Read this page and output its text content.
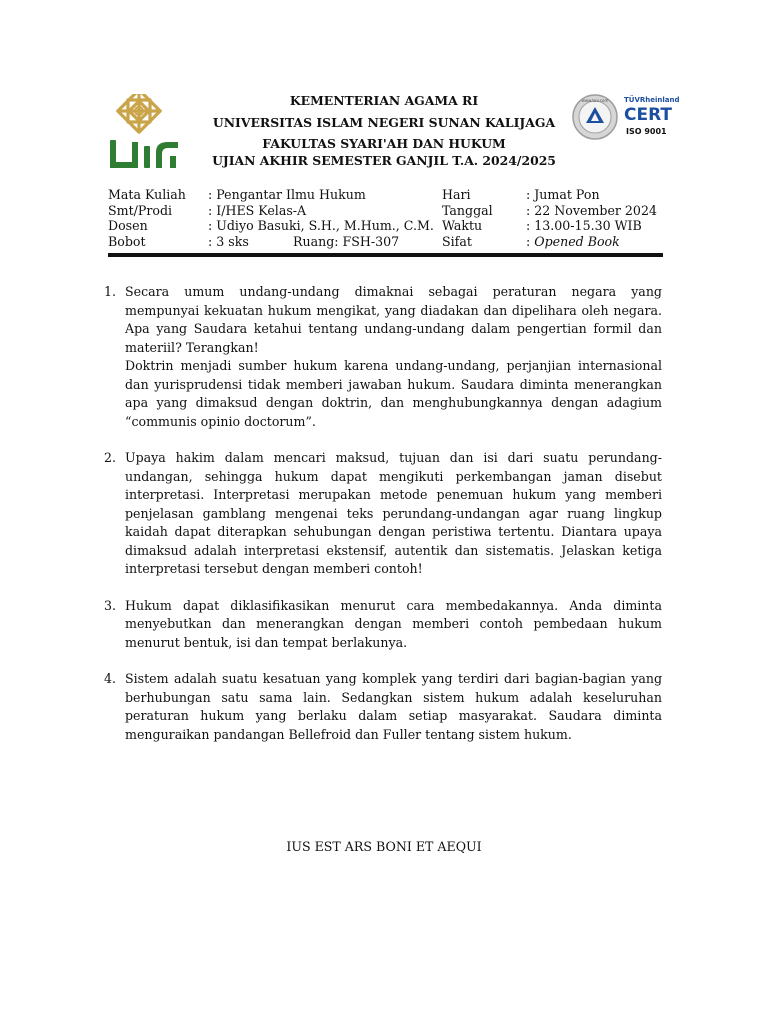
KEMENTERIAN AGAMA RI
UNIVERSITAS ISLAM NEGERI SUNAN KALIJAGA
FAKULTAS SYARI'AH DAN HUKUM
UJIAN AKHIR SEMESTER GANJIL T.A. 2024/2025
www.tuv.com TÜVRheinland
CERT
ISO 9001
Mata Kuliah : Pengantar Ilmu Hukum	Hari	: Jumat Pon
Smt/Prodi	: I/HES Kelas-A	Tanggal	: 22 November 2024
Dosen	: Udiyo Basuki, S.H., M.Hum., C.M. Waktu	: 13.00-15.30 WIB
Bobot	: 3 sks	Ruang: FSH-307	Sifat	: Opened Book
1. Secara umum undang-undang dimaknai sebagai peraturan negara yang mempunyai kekuatan hukum mengikat, yang diadakan dan dipelihara oleh negara. Apa yang Saudara ketahui tentang undang-undang dalam pengertian formil dan materiil? Terangkan!

Doktrin menjadi sumber hukum karena undang-undang, perjanjian internasional dan yurisprudensi tidak memberi jawaban hukum. Saudara diminta menerangkan apa yang dimaksud dengan doktrin, dan menghubungkannya dengan adagium “communis opinio doctorum”.

2. Upaya hakim dalam mencari maksud, tujuan dan isi dari suatu perundang-undangan, sehingga hukum dapat mengikuti perkembangan jaman disebut interpretasi. Interpretasi merupakan metode penemuan hukum yang memberi penjelasan gamblang mengenai teks perundang-undangan agar ruang lingkup kaidah dapat diterapkan sehubungan dengan peristiwa tertentu. Diantara upaya dimaksud adalah interpretasi ekstensif, autentik dan sistematis. Jelaskan ketiga interpretasi tersebut dengan memberi contoh!

3. Hukum dapat diklasifikasikan menurut cara membedakannya. Anda diminta menyebutkan dan menerangkan dengan memberi contoh pembedaan hukum menurut bentuk, isi dan tempat berlakunya.

4. Sistem adalah suatu kesatuan yang komplek yang terdiri dari bagian-bagian yang berhubungan satu sama lain. Sedangkan sistem hukum adalah keseluruhan peraturan hukum yang berlaku dalam setiap masyarakat. Saudara diminta menguraikan pandangan Bellefroid dan Fuller tentang sistem hukum.

IUS EST ARS BONI ET AEQUI
